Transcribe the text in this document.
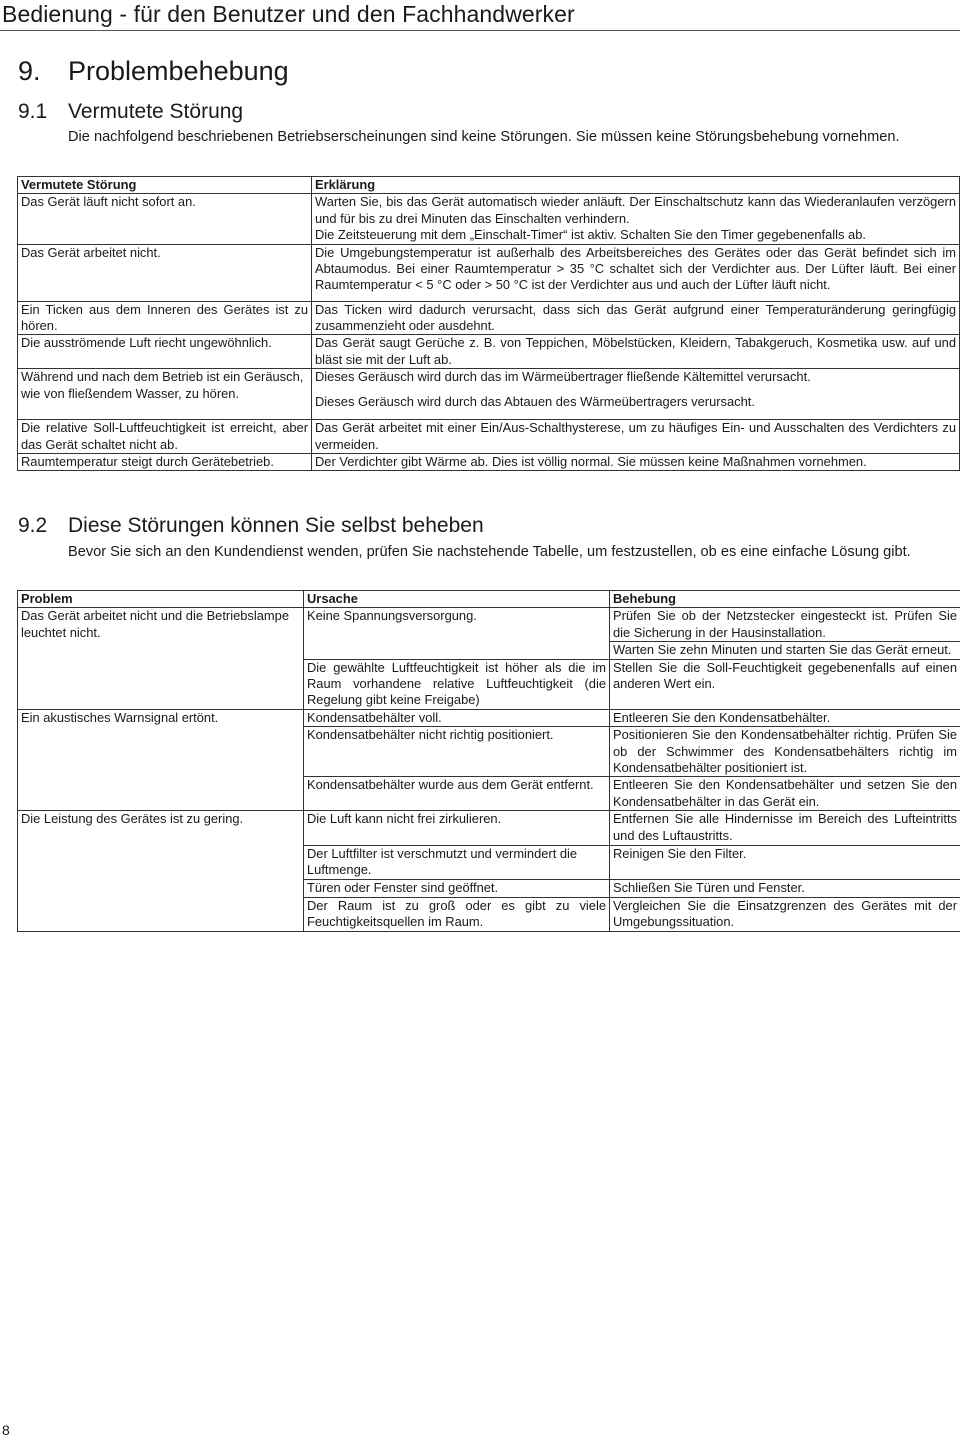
Bedienung - für den Benutzer und den Fachhandwerker
9. Problembehebung
9.1 Vermutete Störung
Die nachfolgend beschriebenen Betriebserscheinungen sind keine Störungen. Sie müssen keine Störungsbehebung vornehmen.
Vermutete Störung	Erklärung
Das Gerät läuft nicht sofort an.	Warten Sie, bis das Gerät automatisch wieder anläuft. Der Einschaltschutz kann das Wiederanlaufen verzögern und für bis zu drei Minuten das Einschalten verhindern.
	Die Zeitsteuerung mit dem „Einschalt-Timer“ ist aktiv. Schalten Sie den Timer gegebenenfalls ab.
Das Gerät arbeitet nicht.	Die Umgebungstemperatur ist außerhalb des Arbeitsbereiches des Gerätes oder das Gerät befindet sich im Abtaumodus. Bei einer Raumtemperatur > 35 °C schaltet sich der Verdichter aus. Der Lüfter läuft. Bei einer Raumtemperatur < 5 °C oder > 50 °C ist der Verdichter aus und auch der Lüfter läuft nicht.
Ein Ticken aus dem Inneren des Gerätes ist zu hören.	Das Ticken wird dadurch verursacht, dass sich das Gerät aufgrund einer Temperaturänderung geringfügig zusammenzieht oder ausdehnt.
Die ausströmende Luft riecht ungewöhnlich.	Das Gerät saugt Gerüche z. B. von Teppichen, Möbelstücken, Kleidern, Tabakgeruch, Kosmetika usw. auf und bläst sie mit der Luft ab.
Während und nach dem Betrieb ist ein Geräusch, wie von fließendem Wasser, zu hören.	Dieses Geräusch wird durch das im Wärmeübertrager fließende Kältemittel verursacht.
	Dieses Geräusch wird durch das Abtauen des Wärmeübertragers verursacht.
Die relative Soll-Luftfeuchtigkeit ist erreicht, aber das Gerät schaltet nicht ab.	Das Gerät arbeitet mit einer Ein/Aus-Schalthysterese, um zu häufiges Ein- und Ausschalten des Verdichters zu vermeiden.
Raumtemperatur steigt durch Gerätebetrieb.	Der Verdichter gibt Wärme ab. Dies ist völlig normal. Sie müssen keine Maßnahmen vornehmen.
9.2 Diese Störungen können Sie selbst beheben
Bevor Sie sich an den Kundendienst wenden, prüfen Sie nachstehende Tabelle, um festzustellen, ob es eine einfache Lösung gibt.
Problem	Ursache	Behebung
Das Gerät arbeitet nicht und die Betriebslampe leuchtet nicht.	Keine Spannungsversorgung.	Prüfen Sie ob der Netzstecker eingesteckt ist. Prüfen Sie die Sicherung in der Hausinstallation.
		Warten Sie zehn Minuten und starten Sie das Gerät erneut.
	Die gewählte Luftfeuchtigkeit ist höher als die im Raum vorhandene relative Luftfeuchtigkeit (die Regelung gibt keine Freigabe)	Stellen Sie die Soll-Feuchtigkeit gegebenenfalls auf einen anderen Wert ein.
Ein akustisches Warnsignal ertönt.	Kondensatbehälter voll.	Entleeren Sie den Kondensatbehälter.
	Kondensatbehälter nicht richtig positioniert.	Positionieren Sie den Kondensatbehälter richtig. Prüfen Sie ob der Schwimmer des Kondensatbehälters richtig im Kondensatbehälter positioniert ist.
	Kondensatbehälter wurde aus dem Gerät entfernt.	Entleeren Sie den Kondensatbehälter und setzen Sie den Kondensatbehälter in das Gerät ein.
Die Leistung des Gerätes ist zu gering.	Die Luft kann nicht frei zirkulieren.	Entfernen Sie alle Hindernisse im Bereich des Lufteintritts und des Luftaustritts.
	Der Luftfilter ist verschmutzt und vermindert die Luftmenge.	Reinigen Sie den Filter.
	Türen oder Fenster sind geöffnet.	Schließen Sie Türen und Fenster.
	Der Raum ist zu groß oder es gibt zu viele Feuchtigkeitsquellen im Raum.	Vergleichen Sie die Einsatzgrenzen des Gerätes mit der Umgebungssituation.
8
